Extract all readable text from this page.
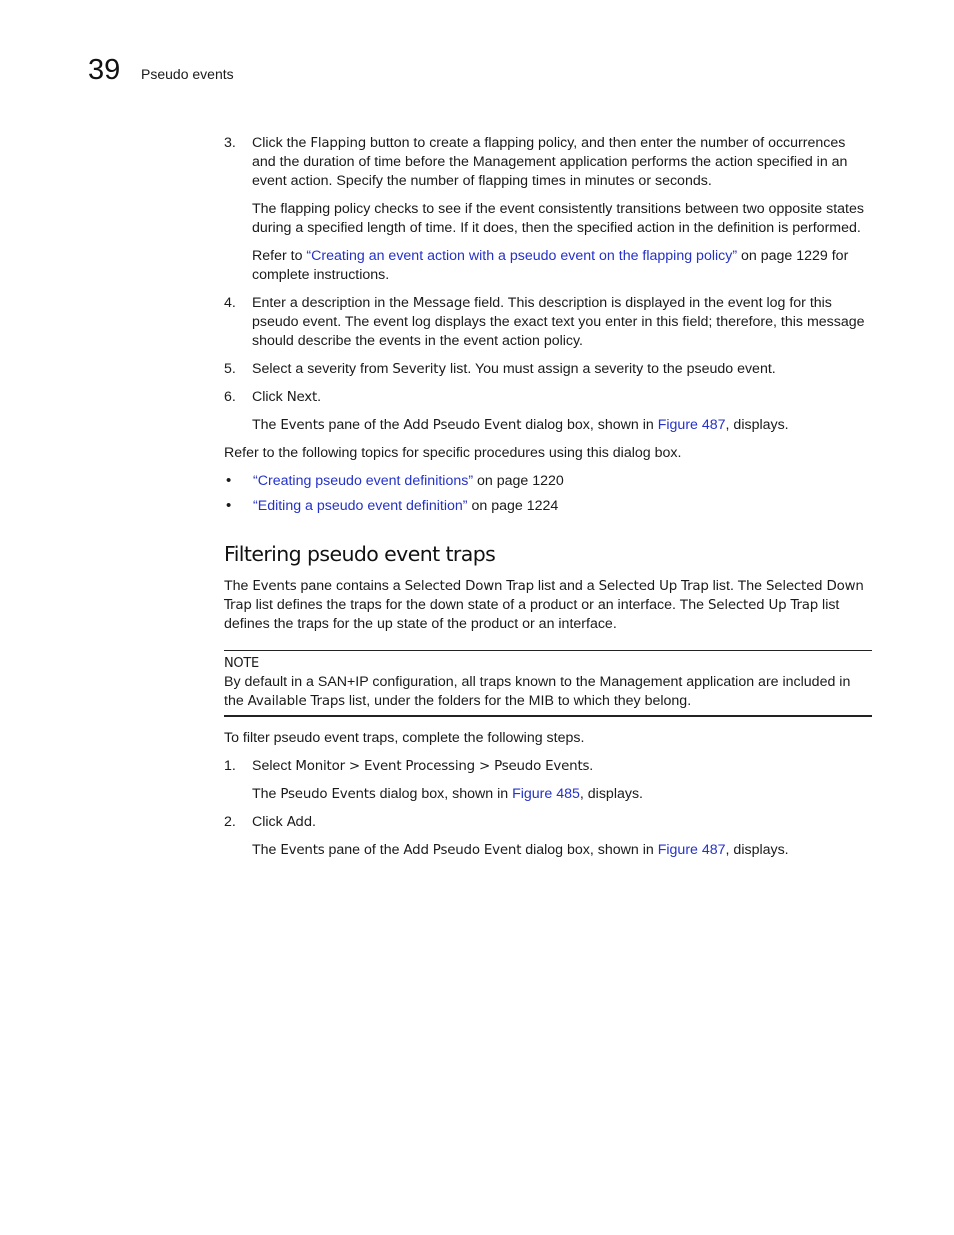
39 Pseudo events
3. Click the Flapping button to create a flapping policy, and then enter the number of occurrences and the duration of time before the Management application performs the action specified in an event action. Specify the number of flapping times in minutes or seconds.
The flapping policy checks to see if the event consistently transitions between two opposite states during a specified length of time. If it does, then the specified action in the definition is performed.
Refer to “Creating an event action with a pseudo event on the flapping policy” on page 1229 for complete instructions.
4. Enter a description in the Message field. This description is displayed in the event log for this pseudo event. The event log displays the exact text you enter in this field; therefore, this message should describe the events in the event action policy.
5. Select a severity from Severity list. You must assign a severity to the pseudo event.
6. Click Next.
The Events pane of the Add Pseudo Event dialog box, shown in Figure 487, displays.
Refer to the following topics for specific procedures using this dialog box.
• “Creating pseudo event definitions” on page 1220
• “Editing a pseudo event definition” on page 1224
Filtering pseudo event traps
The Events pane contains a Selected Down Trap list and a Selected Up Trap list. The Selected Down Trap list defines the traps for the down state of a product or an interface. The Selected Up Trap list defines the traps for the up state of the product or an interface.
NOTE
By default in a SAN+IP configuration, all traps known to the Management application are included in the Available Traps list, under the folders for the MIB to which they belong.
To filter pseudo event traps, complete the following steps.
1. Select Monitor > Event Processing > Pseudo Events.
The Pseudo Events dialog box, shown in Figure 485, displays.
2. Click Add.
The Events pane of the Add Pseudo Event dialog box, shown in Figure 487, displays.
